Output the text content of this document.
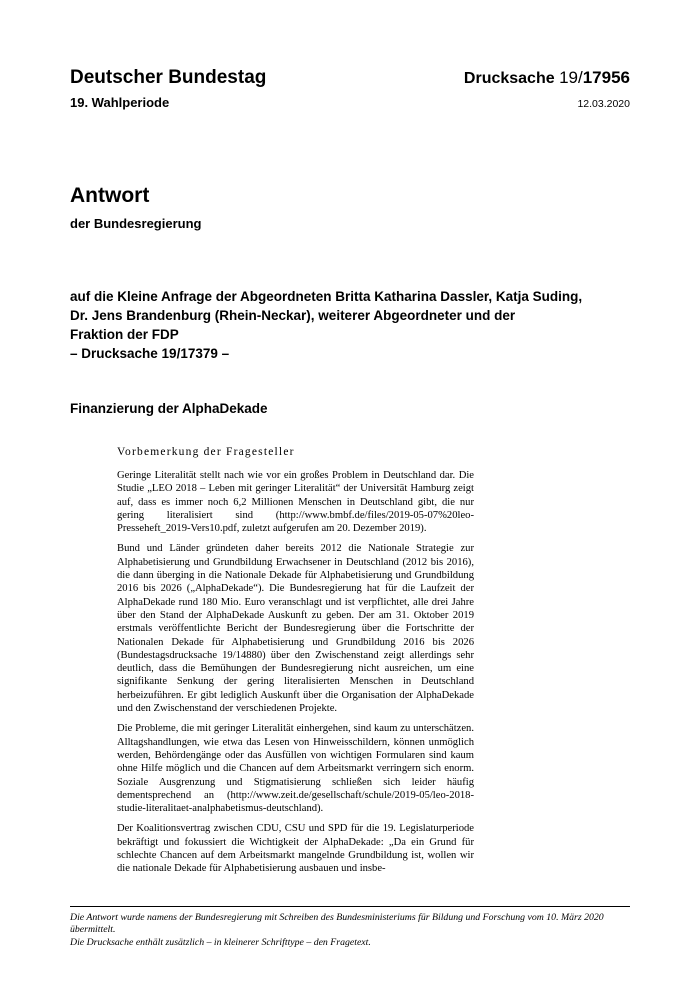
Deutscher Bundestag
19. Wahlperiode
Drucksache 19/17956
12.03.2020
Antwort
der Bundesregierung
auf die Kleine Anfrage der Abgeordneten Britta Katharina Dassler, Katja Suding,
Dr. Jens Brandenburg (Rhein-Neckar), weiterer Abgeordneter und der
Fraktion der FDP
– Drucksache 19/17379 –
Finanzierung der AlphaDekade
Vorbemerkung der Fragesteller

Geringe Literalität stellt nach wie vor ein großes Problem in Deutschland dar. Die Studie „LEO 2018 – Leben mit geringer Literalität“ der Universität Hamburg zeigt auf, dass es immer noch 6,2 Millionen Menschen in Deutschland gibt, die nur gering literalisiert sind (http://www.bmbf.de/files/2019-05-07%20leo-Presseheft_2019-Vers10.pdf, zuletzt aufgerufen am 20. Dezember 2019).

Bund und Länder gründeten daher bereits 2012 die Nationale Strategie zur Alphabetisierung und Grundbildung Erwachsener in Deutschland (2012 bis 2016), die dann überging in die Nationale Dekade für Alphabetisierung und Grundbildung 2016 bis 2026 („AlphaDekade“). Die Bundesregierung hat für die Laufzeit der AlphaDekade rund 180 Mio. Euro veranschlagt und ist verpflichtet, alle drei Jahre über den Stand der AlphaDekade Auskunft zu geben. Der am 31. Oktober 2019 erstmals veröffentlichte Bericht der Bundesregierung über die Fortschritte der Nationalen Dekade für Alphabetisierung und Grundbildung 2016 bis 2026 (Bundestagsdrucksache 19/14880) über den Zwischenstand zeigt allerdings sehr deutlich, dass die Bemühungen der Bundesregierung nicht ausreichen, um eine signifikante Senkung der gering literalisierten Menschen in Deutschland herbeizuführen. Er gibt lediglich Auskunft über die Organisation der AlphaDekade und den Zwischenstand der verschiedenen Projekte.

Die Probleme, die mit geringer Literalität einhergehen, sind kaum zu unterschätzen. Alltagshandlungen, wie etwa das Lesen von Hinweisschildern, können unmöglich werden, Behördengänge oder das Ausfüllen von wichtigen Formularen sind kaum ohne Hilfe möglich und die Chancen auf dem Arbeitsmarkt verringern sich enorm. Soziale Ausgrenzung und Stigmatisierung schließen sich leider häufig dementsprechend an (http://www.zeit.de/gesellschaft/schule/2019-05/leo-2018-studie-literalitaet-analphabetismus-deutschland).

Der Koalitionsvertrag zwischen CDU, CSU und SPD für die 19. Legislaturperiode bekräftigt und fokussiert die Wichtigkeit der AlphaDekade: „Da ein Grund für schlechte Chancen auf dem Arbeitsmarkt mangelnde Grundbildung ist, wollen wir die nationale Dekade für Alphabetisierung ausbauen und insbe-

Die Antwort wurde namens der Bundesregierung mit Schreiben des Bundesministeriums für Bildung und Forschung vom 10. März 2020 übermittelt.

Die Drucksache enthält zusätzlich – in kleinerer Schrifttype – den Fragetext.
